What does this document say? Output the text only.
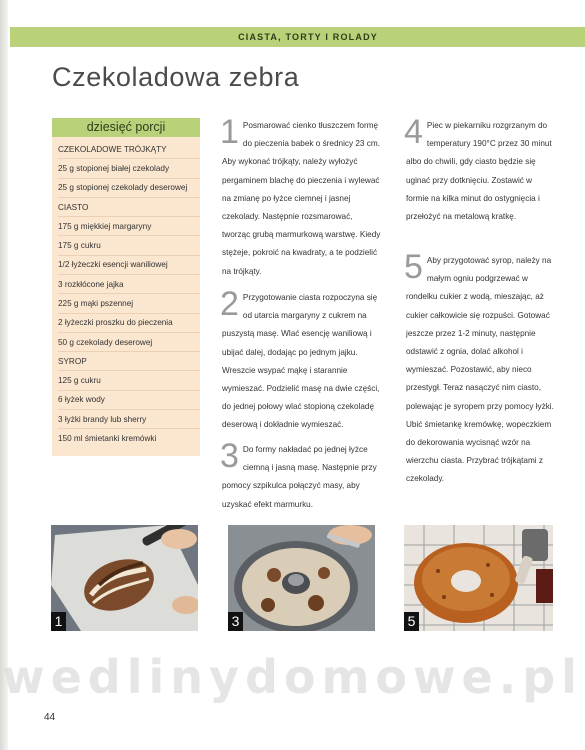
CIASTA, TORTY I ROLADY
Czekoladowa zebra
dziesięć porcji
CZEKOLADOWE TRÓJKĄTY
25 g stopionej białej czekolady
25 g stopionej czekolady deserowej
CIASTO
175 g miękkiej margaryny
175 g cukru
1/2 łyżeczki esencji waniliowej
3 rozkłócone jajka
225 g mąki pszennej
2 łyżeczki proszku do pieczenia
50 g czekolady deserowej
SYROP
125 g cukru
6 łyżek wody
3 łyżki brandy lub sherry
150 ml śmietanki kremówki
1 Posmarować cienko tłuszczem formę do pieczenia babek o średnicy 23 cm. Aby wykonać trójkąty, należy wyłożyć pergaminem blachę do pieczenia i wylewać na zmianę po łyżce ciemnej i jasnej czekolady. Następnie rozsmarować, tworząc grubą marmurkową warstwę. Kiedy stężeje, pokroić na kwadraty, a te podzielić na trójkąty.
2 Przygotowanie ciasta rozpoczyna się od utarcia margaryny z cukrem na puszystą masę. Wlać esencję waniliową i ubijać dalej, dodając po jednym jajku. Wreszcie wsypać mąkę i starannie wymieszać. Podzielić masę na dwie części, do jednej połowy wlać stopioną czekoladę deserową i dokładnie wymieszać.
3 Do formy nakładać po jednej łyżce ciemną i jasną masę. Następnie przy pomocy szpikulca połączyć masy, aby uzyskać efekt marmurku.
4 Piec w piekarniku rozgrzanym do temperatury 190°C przez 30 minut albo do chwili, gdy ciasto będzie się uginać przy dotknięciu. Zostawić w formie na kilka minut do ostygnięcia i przełożyć na metalową kratkę.
5 Aby przygotować syrop, należy na małym ogniu podgrzewać w rondelku cukier z wodą, mieszając, aż cukier całkowicie się rozpuści. Gotować jeszcze przez 1-2 minuty, następnie odstawić z ognia, dolać alkohol i wymieszać. Pozostawić, aby nieco przestygł. Teraz nasączyć nim ciasto, polewając je syropem przy pomocy łyżki. Ubić śmietankę kremówkę, wореczkiem do dekorowania wycisnąć wzór na wierzchu ciasta. Przybrać trójkątami z czekolady.
1	3	5
wedlinydomowe.pl
44
